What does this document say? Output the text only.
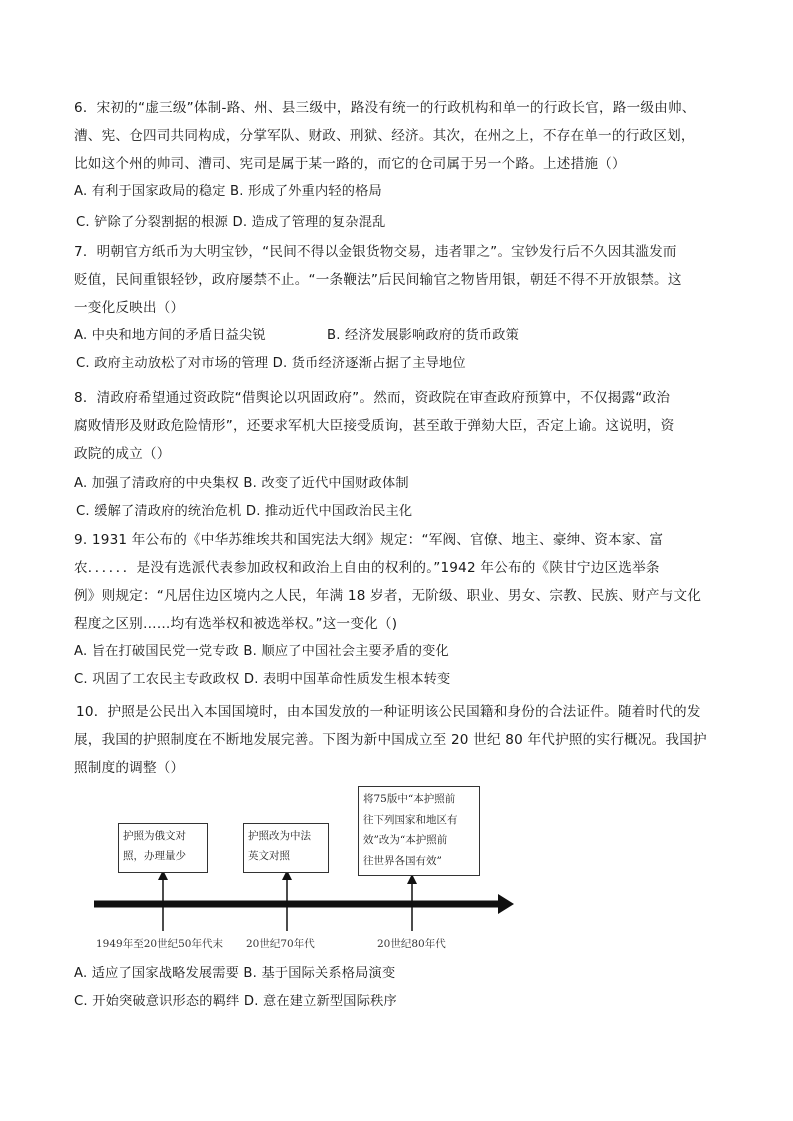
6．宋初的“虚三级”体制-路、州、县三级中，路没有统一的行政机构和单一的行政长官，路一级由帅、
漕、宪、仓四司共同构成，分掌军队、财政、刑狱、经济。其次，在州之上，不存在单一的行政区划，
比如这个州的帅司、漕司、宪司是属于某一路的，而它的仓司属于另一个路。上述措施（）
A. 有利于国家政局的稳定 B. 形成了外重内轻的格局
C. 铲除了分裂割据的根源 D. 造成了管理的复杂混乱
7．明朝官方纸币为大明宝钞，“民间不得以金银货物交易，违者罪之”。宝钞发行后不久因其滥发而
贬值，民间重银轻钞，政府屡禁不止。“一条鞭法”后民间输官之物皆用银，朝廷不得不开放银禁。这
一变化反映出（）
A. 中央和地方间的矛盾日益尖锐	B. 经济发展影响政府的货币政策
C. 政府主动放松了对市场的管理 D. 货币经济逐渐占据了主导地位
8．清政府希望通过资政院“借舆论以巩固政府”。然而，资政院在审查政府预算中，不仅揭露“政治
腐败情形及财政危险情形”，还要求军机大臣接受质询，甚至敢于弹劾大臣，否定上谕。这说明，资
政院的成立（）
A. 加强了清政府的中央集权 B. 改变了近代中国财政体制
C. 缓解了清政府的统治危机 D. 推动近代中国政治民主化
9. 1931 年公布的《中华苏维埃共和国宪法大纲》规定：“军阀、官僚、地主、豪绅、资本家、富
农．．．．．．是没有选派代表参加政权和政治上自由的权利的。”1942 年公布的《陕甘宁边区选举条
例》则规定：“凡居住边区境内之人民，年满 18 岁者，无阶级、职业、男女、宗教、民族、财产与文化
程度之区别……均有选举权和被选举权。”这一变化（)
A. 旨在打破国民党一党专政 B. 顺应了中国社会主要矛盾的变化
C. 巩固了工农民主专政政权 D. 表明中国革命性质发生根本转变
10．护照是公民出入本国国境时，由本国发放的一种证明该公民国籍和身份的合法证件。随着时代的发
展，我国的护照制度在不断地发展完善。下图为新中国成立至 20 世纪 80 年代护照的实行概况。我国护
照制度的调整（）
护照为俄文对
照，办理量少
护照改为中法
英文对照
将75版中“本护照前
往下列国家和地区有
效”改为“本护照前
往世界各国有效”
1949年至20世纪50年代末 20世纪70年代	20世纪80年代
A. 适应了国家战略发展需要 B. 基于国际关系格局演变
C. 开始突破意识形态的羁绊 D. 意在建立新型国际秩序
